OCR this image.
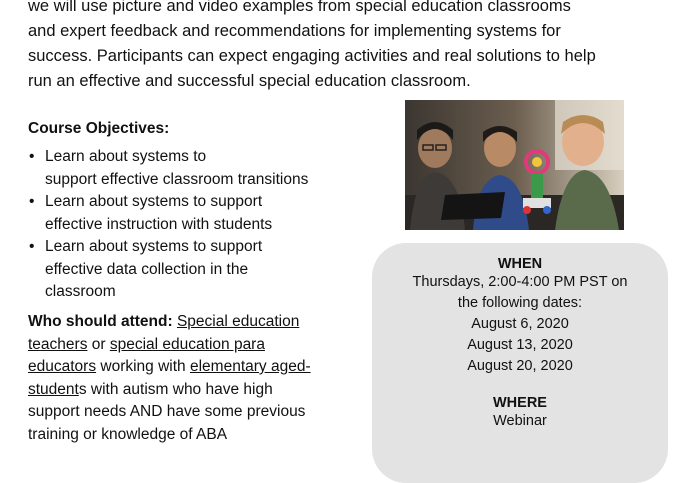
we will use picture and video examples from special education classrooms
and expert feedback and recommendations for implementing systems for
success. Participants can expect engaging activities and real solutions to help
run an effective and successful special education classroom.
Course Objectives:
• Learn about systems to
support effective classroom transitions
• Learn about systems to support
effective instruction with students
• Learn about systems to support
effective data collection in the
classroom
Who should attend: Special education
teachers or special education para
educators working with elementary aged-
students with autism who have high
support needs AND have some previous
training or knowledge of ABA
WHEN
Thursdays, 2:00-4:00 PM PST on
the following dates:
August 6, 2020
August 13, 2020
August 20, 2020
WHERE
Webinar
